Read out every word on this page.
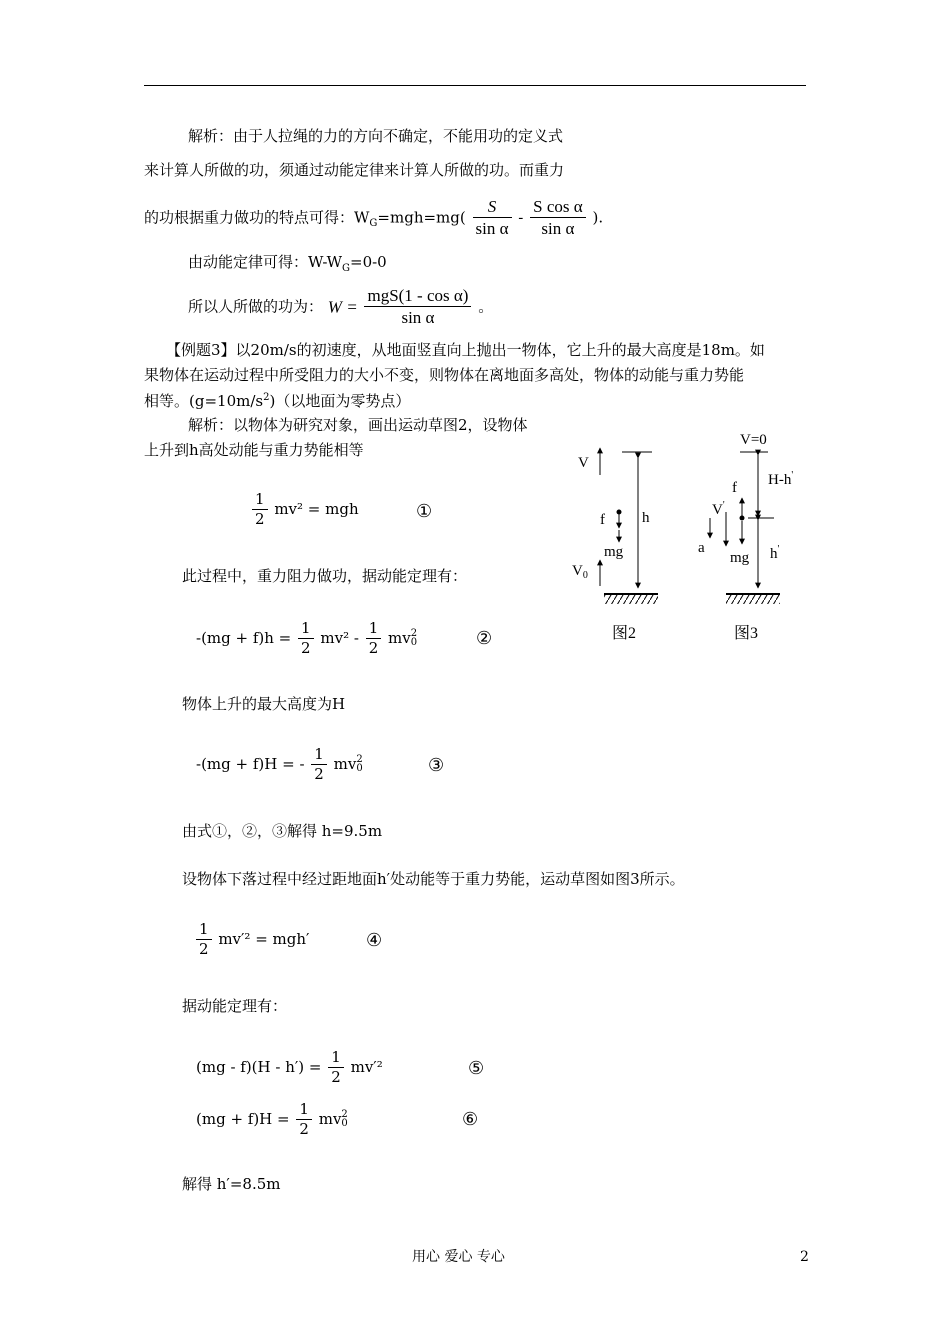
解析：由于人拉绳的力的方向不确定，不能用功的定义式
来计算人所做的功，须通过动能定律来计算人所做的功。而重力
的功根据重力做功的特点可得：$W_G=mgh=mg( \frac{S}{\text{sin α}} - \frac{\text{S cos α}}{\text{sin α}}$ ).
由动能定律可得：$W-W_G=0-0$
所以人所做的功为： $W = \frac{\text{mgS(1 - cos α)}}{\text{sin α}}$ 。
【例题3】以20m/s的初速度，从地面竖直向上抛出一物体，它上升的最大高度是18m。如
果物体在运动过程中所受阻力的大小不变，则物体在离地面多高处，物体的动能与重力势能
相等。$(g=10m/s^2)$（以地面为零势点）
解析：以物体为研究对象，画出运动草图2，设物体
上升到h高处动能与重力势能相等
$\frac{1}{2} mv^2$ = mgh	①
此过程中，重力阻力做功，据动能定理有：
$-(mg + f)h = \frac{1}{2} mv^2 - \frac{1}{2}$ mv 2
0	②
物体上升的最大高度为H
-(mg + f)H = - $\frac{1}{2}$ mv 2
0	③
由式①，②，③解得 h=9.5m
设物体下落过程中经过距地面h′处动能等于重力势能，运动草图如图3所示。
$\frac{1}{2} mv'^2 = mgh'$	④
据动能定理有：
$(mg - f)(H - h') = \frac{1}{2} mv'^2$	⑤
$(mg + f)H = \frac{1}{2}$ mv 2
0	⑥
解得 h′=8.5m
V
$V_0$
h
f
mg
图2
V=0
H-h'
h'
f
mg
V'
a
图3
用心 爱心 专心	2
